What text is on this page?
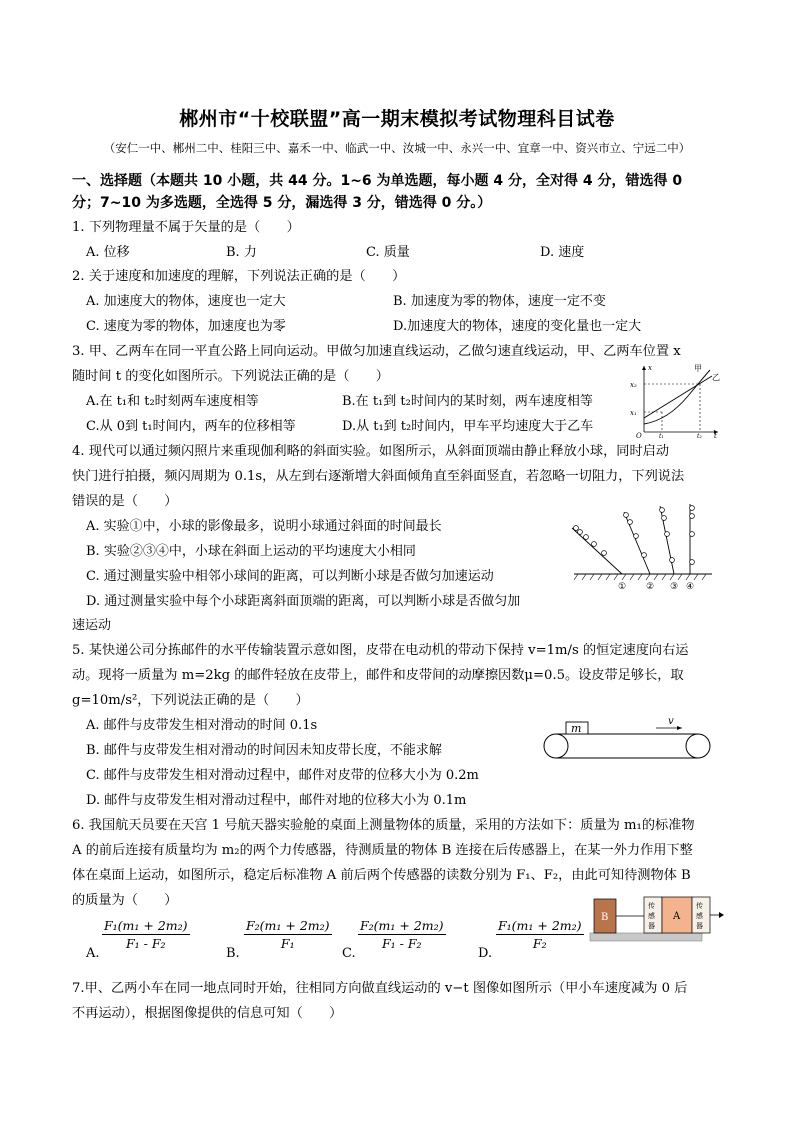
郴州市“十校联盟”高一期末模拟考试物理科目试卷
（安仁一中、郴州二中、桂阳三中、嘉禾一中、临武一中、汝城一中、永兴一中、宜章一中、资兴市立、宁远二中）
一、选择题（本题共 10 小题，共 44 分。1~6 为单选题，每小题 4 分，全对得 4 分，错选得 0
分；7~10 为多选题，全选得 5 分，漏选得 3 分，错选得 0 分。）
1. 下列物理量不属于矢量的是（　　）
A. 位移	B. 力	C. 质量	D. 速度
2. 关于速度和加速度的理解，下列说法正确的是（　　）
A. 加速度大的物体，速度也一定大	B. 加速度为零的物体，速度一定不变
C. 速度为零的物体，加速度也为零	D.加速度大的物体，速度的变化量也一定大
3. 甲、乙两车在同一平直公路上同向运动。甲做匀加速直线运动，乙做匀速直线运动，甲、乙两车位置 x
随时间 t 的变化如图所示。下列说法正确的是（　　）
A.在 t₁和 t₂时刻两车速度相等	B.在 t₁到 t₂时间内的某时刻，两车速度相等
C.从 0到 t₁时间内，两车的位移相等	D.从 t₁到 t₂时间内，甲车平均速度大于乙车
甲
乙
x₂
x₁
O	t₁	t₂
x
t
4. 现代可以通过频闪照片来重现伽利略的斜面实验。如图所示，从斜面顶端由静止释放小球，同时启动
快门进行拍摄，频闪周期为 0.1s，从左到右逐渐增大斜面倾角直至斜面竖直，若忽略一切阻力，下列说法
错误的是（　　）
A. 实验①中，小球的影像最多，说明小球通过斜面的时间最长
B. 实验②③④中，小球在斜面上运动的平均速度大小相同
C. 通过测量实验中相邻小球间的距离，可以判断小球是否做匀加速运动
D. 通过测量实验中每个小球距离斜面顶端的距离，可以判断小球是否做匀加
速运动
① ② ③ ④
5. 某快递公司分拣邮件的水平传输装置示意如图，皮带在电动机的带动下保持 v=1m/s 的恒定速度向右运
动。现将一质量为 m=2kg 的邮件轻放在皮带上，邮件和皮带间的动摩擦因数μ=0.5。设皮带足够长，取
g=10m/s²，下列说法正确的是（　　）
A. 邮件与皮带发生相对滑动的时间 0.1s
B. 邮件与皮带发生相对滑动的时间因未知皮带长度，不能求解
C. 邮件与皮带发生相对滑动过程中，邮件对皮带的位移大小为 0.2m
D. 邮件与皮带发生相对滑动过程中，邮件对地的位移大小为 0.1m
m
v
6. 我国航天员要在天宫 1 号航天器实验舱的桌面上测量物体的质量，采用的方法如下：质量为 m₁的标准物
A 的前后连接有质量均为 m₂的两个力传感器，待测质量的物体 B 连接在后传感器上，在某一外力作用下整
体在桌面上运动，如图所示，稳定后标准物 A 前后两个传感器的读数分别为 F₁、F₂，由此可知待测物体 B
的质量为（　　）
A.
$\frac{\text{F₁(m₁ + 2m₂)}}{\text{F₁ - F₂}}$
B.
$\frac{\text{F₂(m₁ + 2m₂)}}{\text{F₁}}$
C.
$\frac{\text{F₂(m₁ + 2m₂)}}{\text{F₁ - F₂}}$
D.
$\frac{\text{F₁(m₁ + 2m₂)}}{\text{F₂}}$
B
传
感
器
A
传
感
器
7.甲、乙两小车在同一地点同时开始，往相同方向做直线运动的 v−t 图像如图所示（甲小车速度减为 0 后
不再运动），根据图像提供的信息可知（　　）
